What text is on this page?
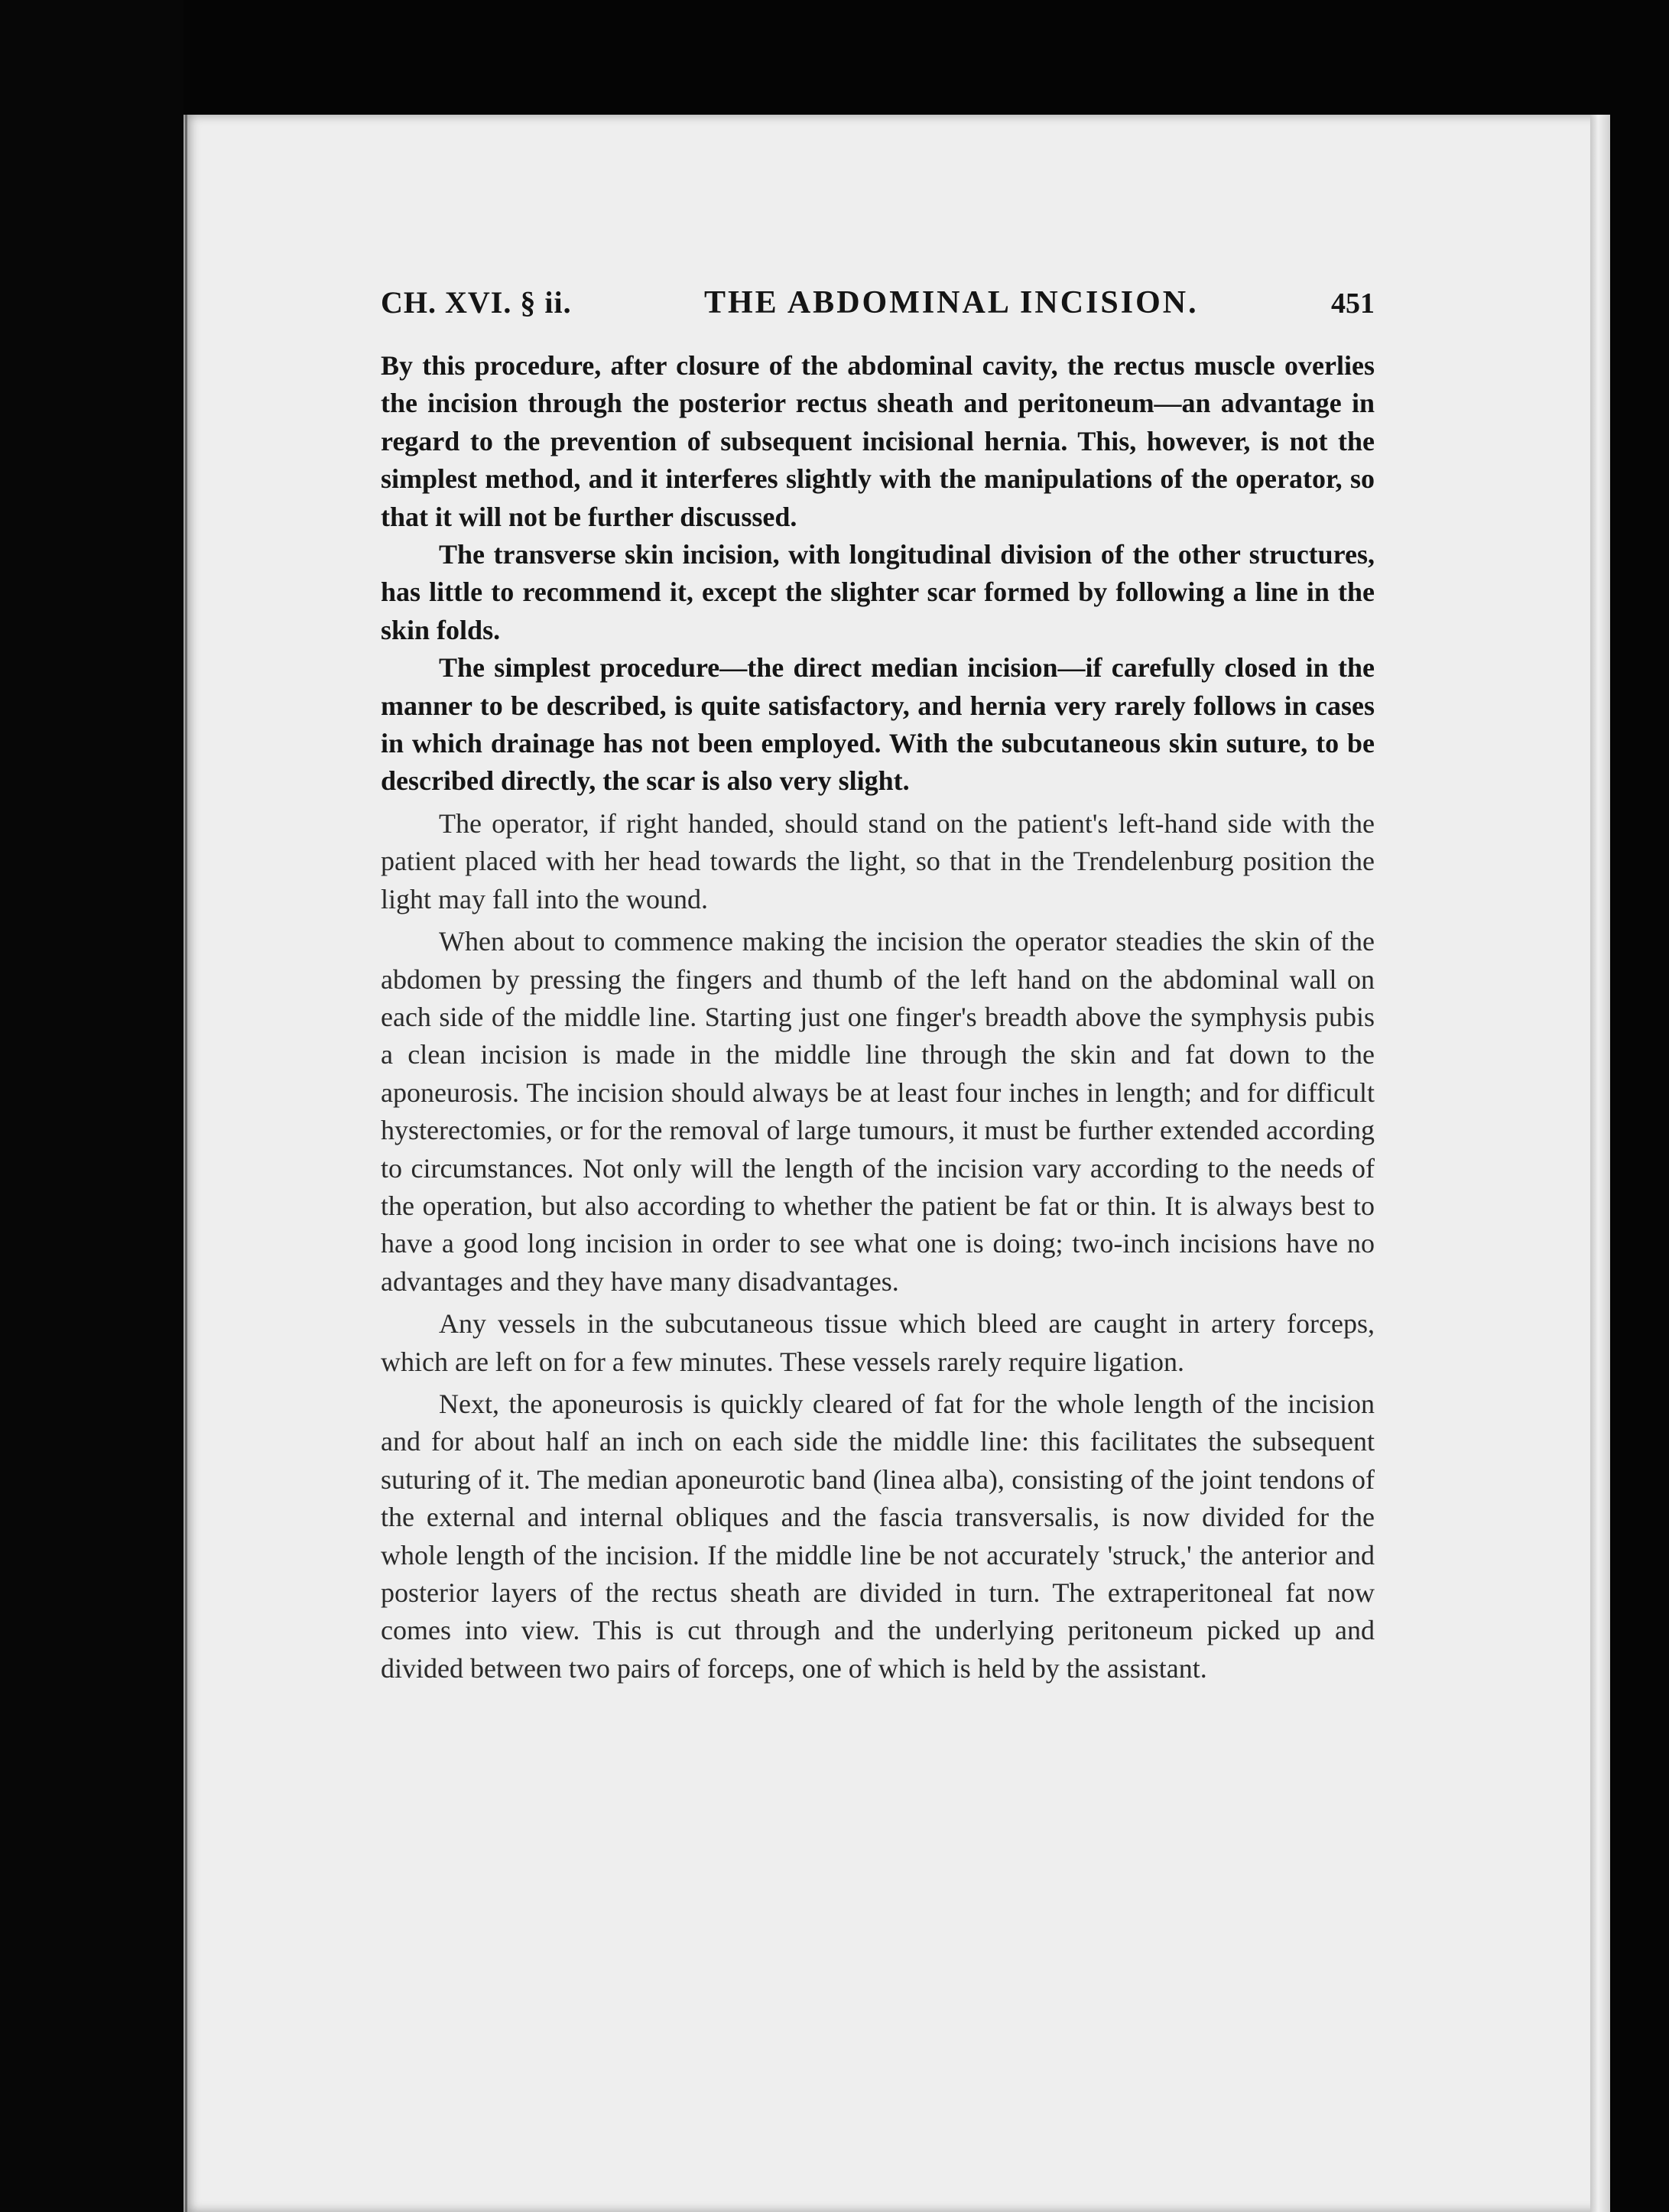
CH. XVI. § ii.	THE ABDOMINAL INCISION.	451

By this procedure, after closure of the abdominal cavity, the rectus muscle overlies the incision through the posterior rectus sheath and peritoneum—an advantage in regard to the prevention of subsequent incisional hernia. This, however, is not the simplest method, and it interferes slightly with the manipulations of the operator, so that it will not be further discussed.

The transverse skin incision, with longitudinal division of the other structures, has little to recommend it, except the slighter scar formed by following a line in the skin folds.

The simplest procedure—the direct median incision—if carefully closed in the manner to be described, is quite satisfactory, and hernia very rarely follows in cases in which drainage has not been employed. With the subcutaneous skin suture, to be described directly, the scar is also very slight.

The operator, if right handed, should stand on the patient's left-hand side with the patient placed with her head towards the light, so that in the Trendelenburg position the light may fall into the wound.

When about to commence making the incision the operator steadies the skin of the abdomen by pressing the fingers and thumb of the left hand on the abdominal wall on each side of the middle line. Starting just one finger's breadth above the symphysis pubis a clean incision is made in the middle line through the skin and fat down to the aponeurosis. The incision should always be at least four inches in length; and for difficult hysterectomies, or for the removal of large tumours, it must be further extended according to circumstances. Not only will the length of the incision vary according to the needs of the operation, but also according to whether the patient be fat or thin. It is always best to have a good long incision in order to see what one is doing; two-inch incisions have no advantages and they have many disadvantages.

Any vessels in the subcutaneous tissue which bleed are caught in artery forceps, which are left on for a few minutes. These vessels rarely require ligation.

Next, the aponeurosis is quickly cleared of fat for the whole length of the incision and for about half an inch on each side the middle line: this facilitates the subsequent suturing of it. The median aponeurotic band (linea alba), consisting of the joint tendons of the external and internal obliques and the fascia transversalis, is now divided for the whole length of the incision. If the middle line be not accurately 'struck,' the anterior and posterior layers of the rectus sheath are divided in turn. The extraperitoneal fat now comes into view. This is cut through and the underlying peritoneum picked up and divided between two pairs of forceps, one of which is held by the assistant.
